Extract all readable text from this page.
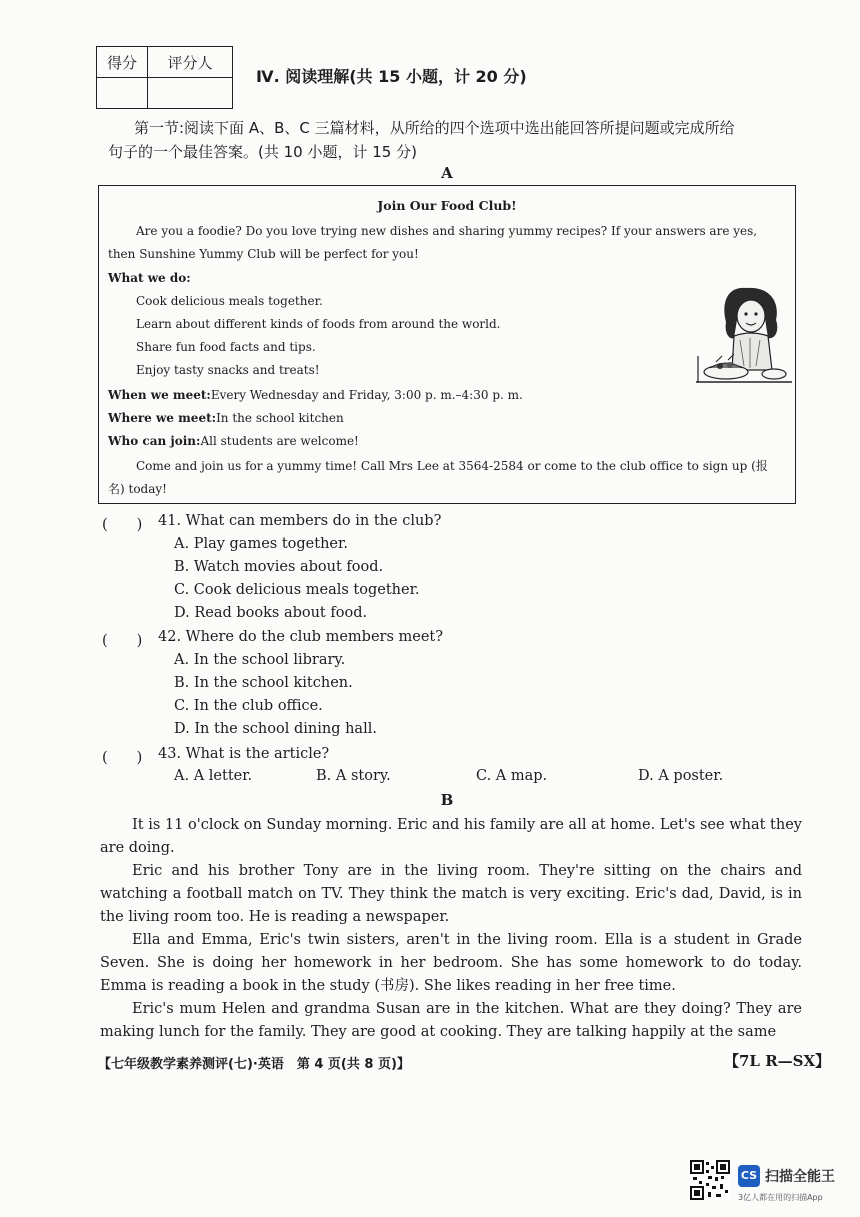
得分	评分人

Ⅳ. 阅读理解(共 15 小题，计 20 分)
第一节:阅读下面 A、B、C 三篇材料，从所给的四个选项中选出能回答所提问题或完成所给
句子的一个最佳答案。(共 10 小题，计 15 分)
A
Join Our Food Club!
Are you a foodie? Do you love trying new dishes and sharing yummy recipes? If your answers are yes,
then Sunshine Yummy Club will be perfect for you!
What we do:
Cook delicious meals together.
Learn about different kinds of foods from around the world.
Share fun food facts and tips.
Enjoy tasty snacks and treats!
When we meet:Every Wednesday and Friday, 3:00 p. m.–4:30 p. m.
Where we meet:In the school kitchen
Who can join:All students are welcome!
Come and join us for a yummy time! Call Mrs Lee at 3564-2584 or come to the club office to sign up (报
名) today!
(　　) 41. What can members do in the club?
A. Play games together.
B. Watch movies about food.
C. Cook delicious meals together.
D. Read books about food.
(　　) 42. Where do the club members meet?
A. In the school library.
B. In the school kitchen.
C. In the club office.
D. In the school dining hall.
(　　) 43. What is the article?
A. A letter.	B. A story.	C. A map.	D. A poster.
B
It is 11 o'clock on Sunday morning. Eric and his family are all at home. Let's see what they are doing.
Eric and his brother Tony are in the living room. They're sitting on the chairs and watching a football match on TV. They think the match is very exciting. Eric's dad, David, is in the living room too. He is reading a newspaper.
Ella and Emma, Eric's twin sisters, aren't in the living room. Ella is a student in Grade Seven. She is doing her homework in her bedroom. She has some homework to do today. Emma is reading a book in the study (书房). She likes reading in her free time.
Eric's mum Helen and grandma Susan are in the kitchen. What are they doing? They are making lunch for the family. They are good at cooking. They are talking happily at the same
【七年级教学素养测评(七)·英语　第 4 页(共 8 页)】	【7L R—SX】
CS 扫描全能王
3亿人都在用的扫描App
